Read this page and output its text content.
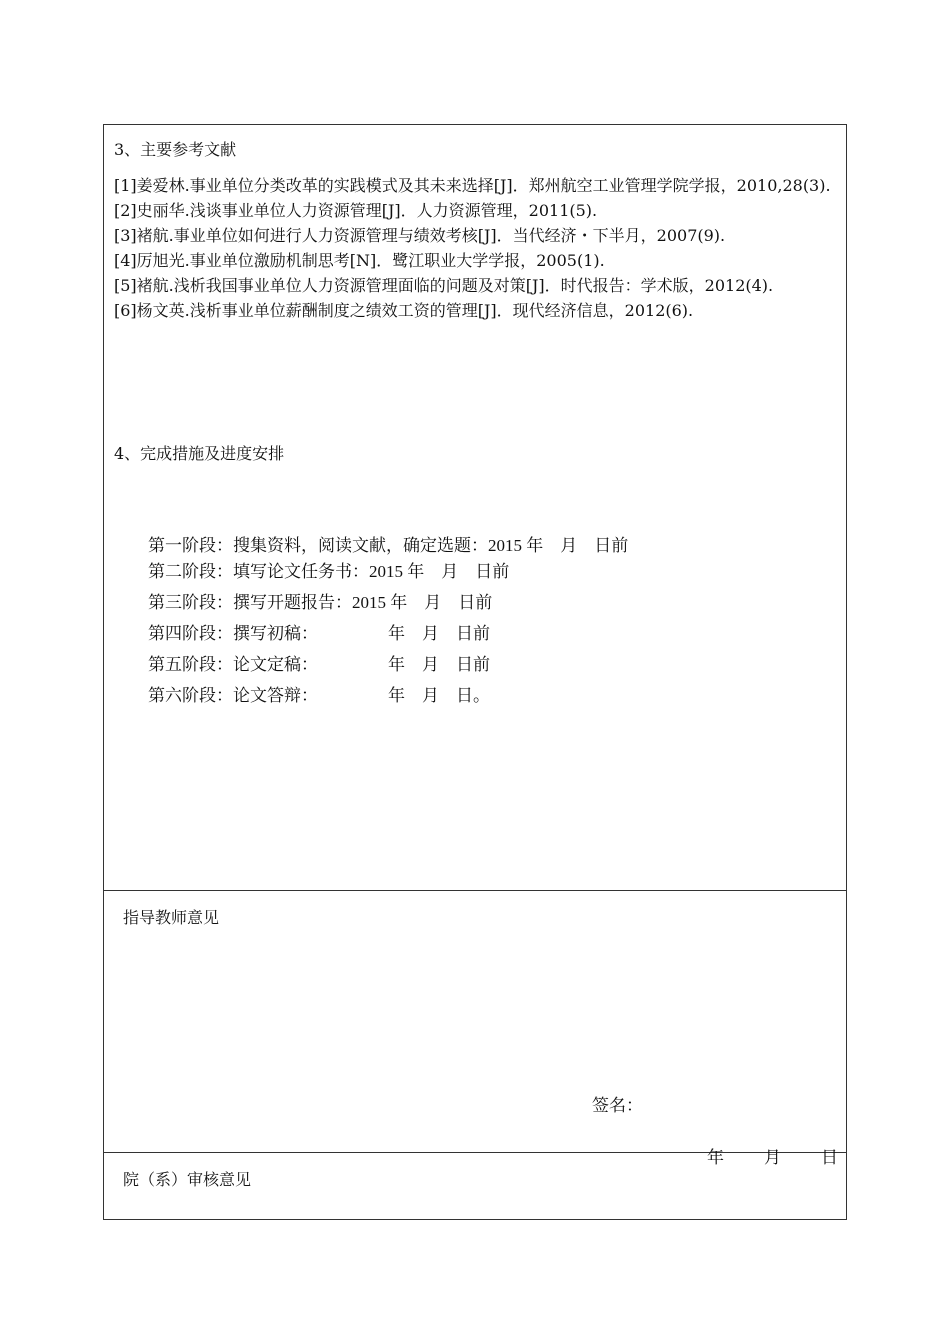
3、主要参考文献
[1]姜爱林.事业单位分类改革的实践模式及其未来选择[J]．郑州航空工业管理学院学报，2010,28(3).
[2]史丽华.浅谈事业单位人力资源管理[J]．人力资源管理，2011(5).
[3]褚航.事业单位如何进行人力资源管理与绩效考核[J]．当代经济・下半月，2007(9).
[4]厉旭光.事业单位激励机制思考[N]．鹭江职业大学学报，2005(1).
[5]褚航.浅析我国事业单位人力资源管理面临的问题及对策[J]．时代报告：学术版，2012(4).
[6]杨文英.浅析事业单位薪酬制度之绩效工资的管理[J]．现代经济信息，2012(6).
4、完成措施及进度安排

第一阶段：搜集资料，阅读文献，确定选题：2015 年    月    日前

第二阶段：填写论文任务书：2015 年    月    日前

第三阶段：撰写开题报告：2015 年    月    日前

第四阶段：撰写初稿：	年    月    日前

第五阶段：论文定稿：	年    月    日前

第六阶段：论文答辩：	年    月    日。

指导教师意见
签名：

年 月 日

院（系）审核意见
